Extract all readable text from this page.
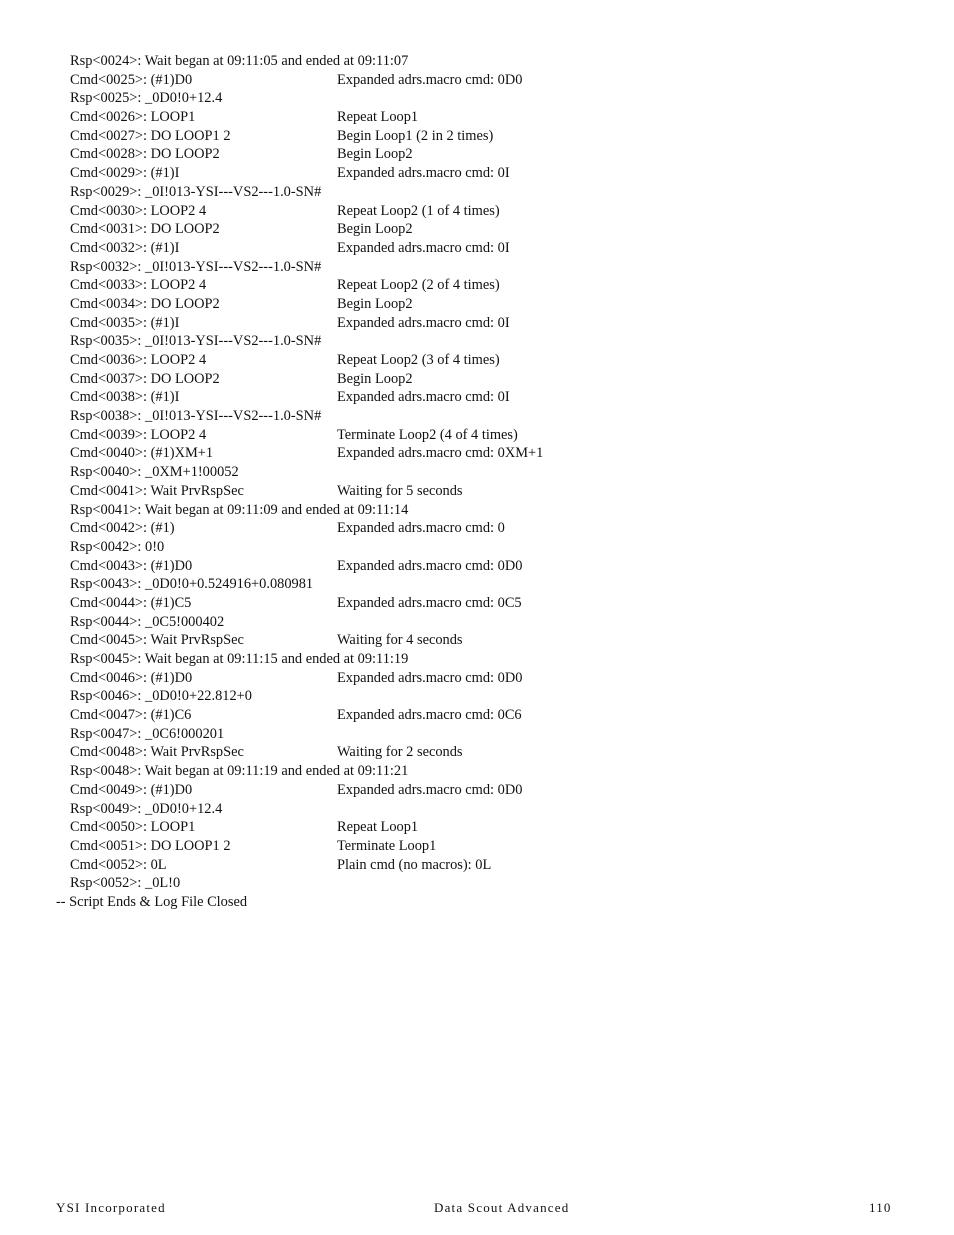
Rsp<0024>: Wait began at 09:11:05 and ended at 09:11:07
Cmd<0025>: (#1)D0	Expanded adrs.macro cmd: 0D0
Rsp<0025>: _0D0!0+12.4
Cmd<0026>: LOOP1	Repeat Loop1
Cmd<0027>: DO LOOP1 2	Begin Loop1 (2 in 2 times)
Cmd<0028>: DO LOOP2	Begin Loop2
Cmd<0029>: (#1)I	Expanded adrs.macro cmd: 0I
Rsp<0029>: _0I!013-YSI---VS2---1.0-SN#
Cmd<0030>: LOOP2 4	Repeat Loop2 (1 of 4 times)
Cmd<0031>: DO LOOP2	Begin Loop2
Cmd<0032>: (#1)I	Expanded adrs.macro cmd: 0I
Rsp<0032>: _0I!013-YSI---VS2---1.0-SN#
Cmd<0033>: LOOP2 4	Repeat Loop2 (2 of 4 times)
Cmd<0034>: DO LOOP2	Begin Loop2
Cmd<0035>: (#1)I	Expanded adrs.macro cmd: 0I
Rsp<0035>: _0I!013-YSI---VS2---1.0-SN#
Cmd<0036>: LOOP2 4	Repeat Loop2 (3 of 4 times)
Cmd<0037>: DO LOOP2	Begin Loop2
Cmd<0038>: (#1)I	Expanded adrs.macro cmd: 0I
Rsp<0038>: _0I!013-YSI---VS2---1.0-SN#
Cmd<0039>: LOOP2 4	Terminate Loop2 (4 of 4 times)
Cmd<0040>: (#1)XM+1	Expanded adrs.macro cmd: 0XM+1
Rsp<0040>: _0XM+1!00052
Cmd<0041>: Wait PrvRspSec	Waiting for 5 seconds
Rsp<0041>: Wait began at 09:11:09 and ended at 09:11:14
Cmd<0042>: (#1)	Expanded adrs.macro cmd: 0
Rsp<0042>: 0!0
Cmd<0043>: (#1)D0	Expanded adrs.macro cmd: 0D0
Rsp<0043>: _0D0!0+0.524916+0.080981
Cmd<0044>: (#1)C5	Expanded adrs.macro cmd: 0C5
Rsp<0044>: _0C5!000402
Cmd<0045>: Wait PrvRspSec	Waiting for 4 seconds
Rsp<0045>: Wait began at 09:11:15 and ended at 09:11:19
Cmd<0046>: (#1)D0	Expanded adrs.macro cmd: 0D0
Rsp<0046>: _0D0!0+22.812+0
Cmd<0047>: (#1)C6	Expanded adrs.macro cmd: 0C6
Rsp<0047>: _0C6!000201
Cmd<0048>: Wait PrvRspSec	Waiting for 2 seconds
Rsp<0048>: Wait began at 09:11:19 and ended at 09:11:21
Cmd<0049>: (#1)D0	Expanded adrs.macro cmd: 0D0
Rsp<0049>: _0D0!0+12.4
Cmd<0050>: LOOP1	Repeat Loop1
Cmd<0051>: DO LOOP1 2	Terminate Loop1
Cmd<0052>: 0L	Plain cmd (no macros): 0L
Rsp<0052>: _0L!0
-- Script Ends & Log File Closed
YSI Incorporated	Data Scout Advanced	110
